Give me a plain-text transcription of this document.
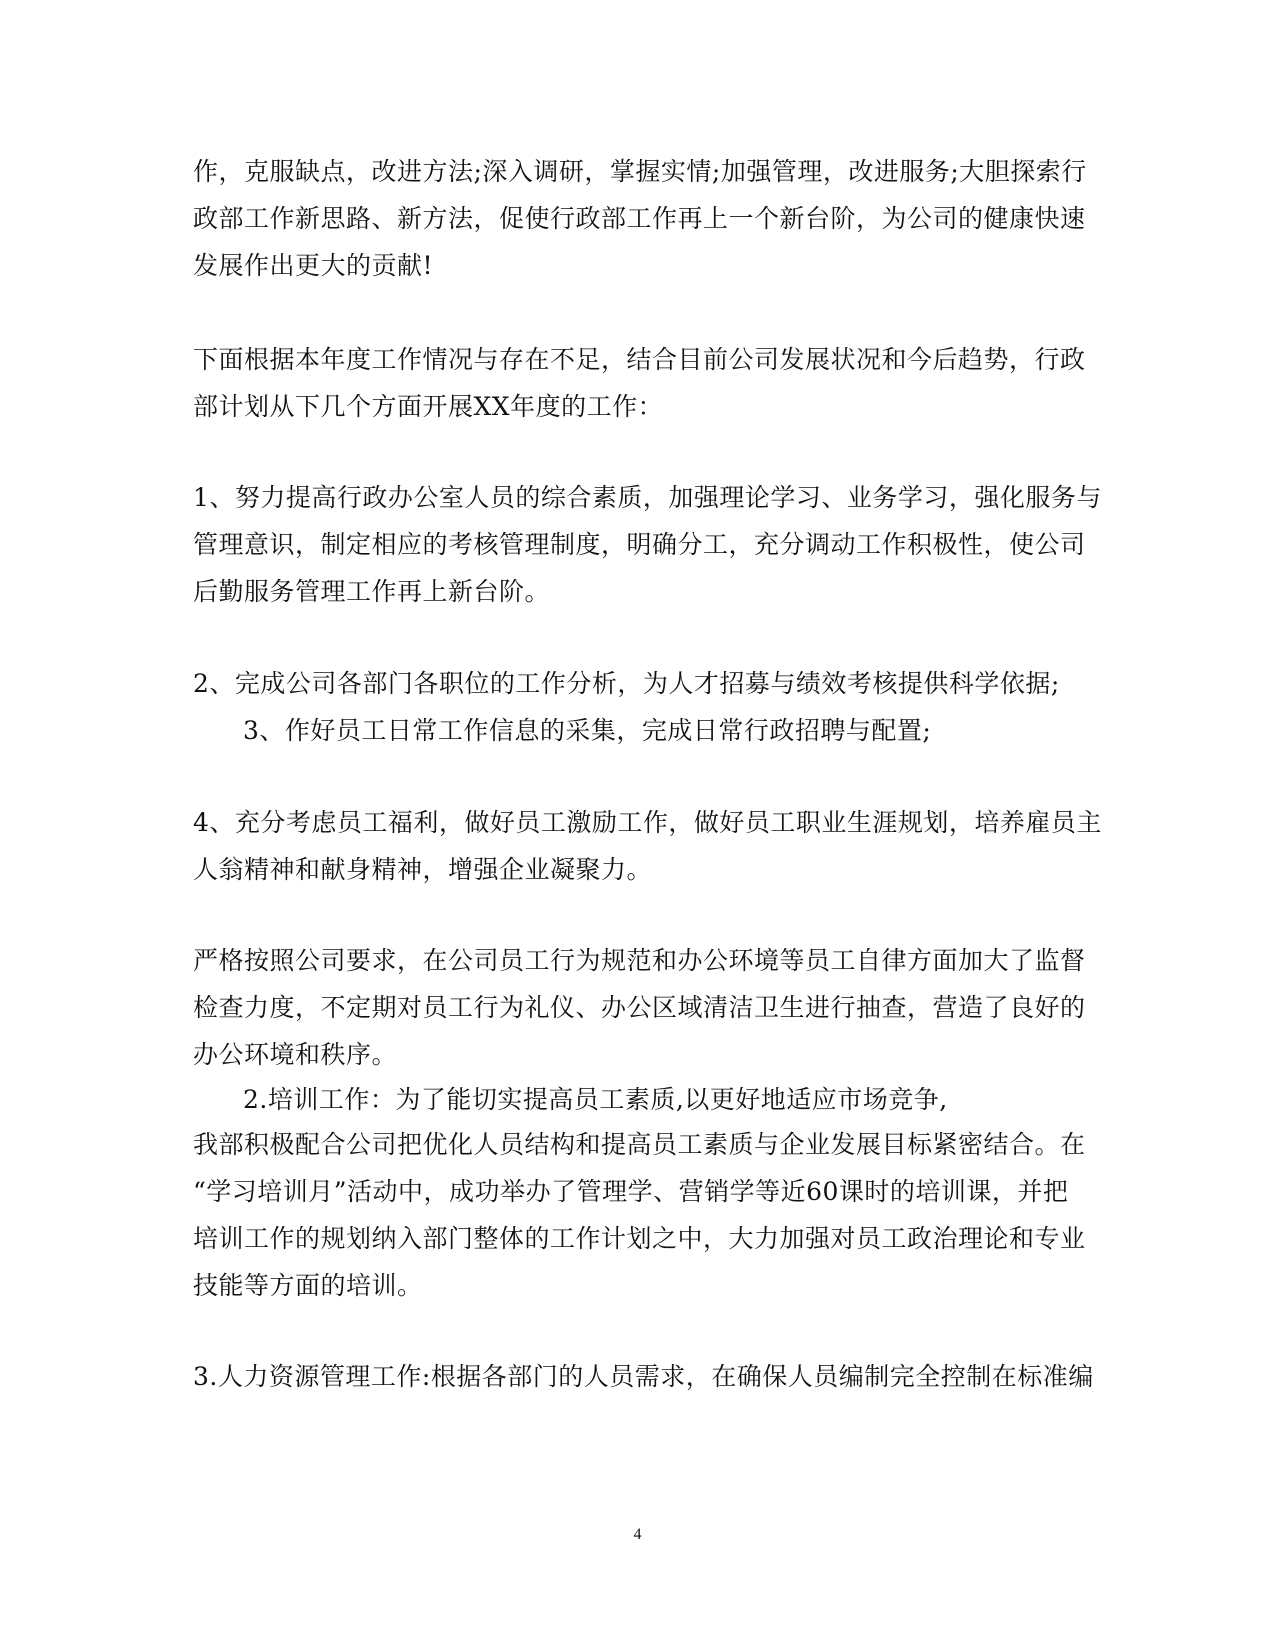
作，克服缺点，改进方法;深入调研，掌握实情;加强管理，改进服务;大胆探索行
政部工作新思路、新方法，促使行政部工作再上一个新台阶，为公司的健康快速
发展作出更大的贡献!
下面根据本年度工作情况与存在不足，结合目前公司发展状况和今后趋势，行政
部计划从下几个方面开展XX年度的工作：
1、努力提高行政办公室人员的综合素质，加强理论学习、业务学习，强化服务与
管理意识，制定相应的考核管理制度，明确分工，充分调动工作积极性，使公司
后勤服务管理工作再上新台阶。
2、完成公司各部门各职位的工作分析，为人才招募与绩效考核提供科学依据;
3、作好员工日常工作信息的采集，完成日常行政招聘与配置;
4、充分考虑员工福利，做好员工激励工作，做好员工职业生涯规划，培养雇员主
人翁精神和献身精神，增强企业凝聚力。
严格按照公司要求，在公司员工行为规范和办公环境等员工自律方面加大了监督
检查力度，不定期对员工行为礼仪、办公区域清洁卫生进行抽查，营造了良好的
办公环境和秩序。
2.培训工作：为了能切实提高员工素质,以更好地适应市场竞争,
我部积极配合公司把优化人员结构和提高员工素质与企业发展目标紧密结合。在
“学习培训月”活动中，成功举办了管理学、营销学等近60课时的培训课，并把
培训工作的规划纳入部门整体的工作计划之中，大力加强对员工政治理论和专业
技能等方面的培训。
3.人力资源管理工作:根据各部门的人员需求，在确保人员编制完全控制在标准编
4
